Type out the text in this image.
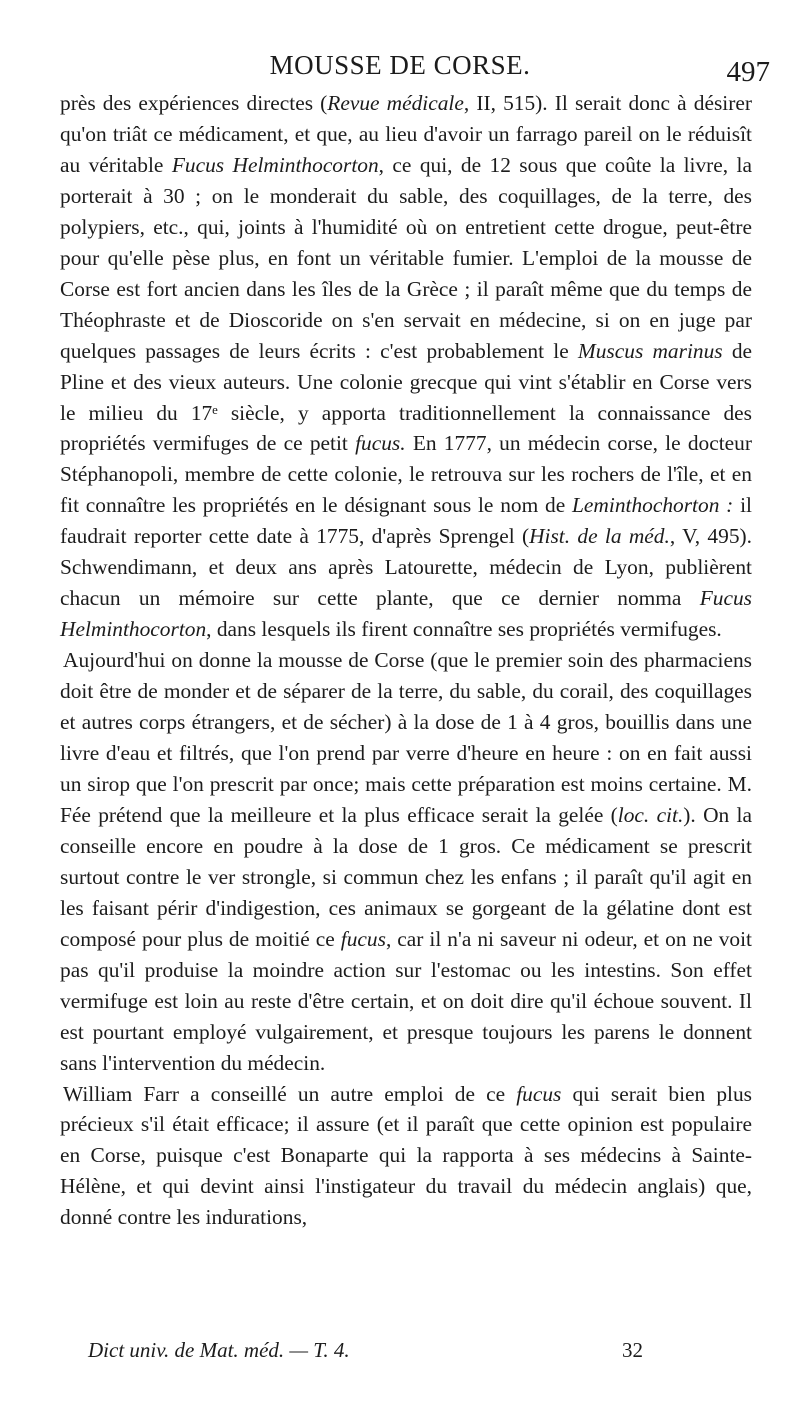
MOUSSE DE CORSE.	497

près des expériences directes (Revue médicale, II, 515). Il serait donc à désirer qu'on triât ce médicament, et que, au lieu d'avoir un farrago pareil on le réduisît au véritable Fucus Helminthocorton, ce qui, de 12 sous que coûte la livre, la porterait à 30 ; on le monderait du sable, des coquillages, de la terre, des polypiers, etc., qui, joints à l'humidité où on entretient cette drogue, peut-être pour qu'elle pèse plus, en font un véritable fumier. L'emploi de la mousse de Corse est fort ancien dans les îles de la Grèce ; il paraît même que du temps de Théophraste et de Dioscoride on s'en servait en médecine, si on en juge par quelques passages de leurs écrits : c'est probablement le Muscus marinus de Pline et des vieux auteurs. Une colonie grecque qui vint s'établir en Corse vers le milieu du 17ᵉ siècle, y apporta traditionnellement la connaissance des propriétés vermifuges de ce petit fucus. En 1777, un médecin corse, le docteur Stéphanopoli, membre de cette colonie, le retrouva sur les rochers de l'île, et en fit connaître les propriétés en le désignant sous le nom de Leminthochorton : il faudrait reporter cette date à 1775, d'après Sprengel (Hist. de la méd., V, 495). Schwendimann, et deux ans après Latourette, médecin de Lyon, publièrent chacun un mémoire sur cette plante, que ce dernier nomma Fucus Helminthocorton, dans lesquels ils firent connaître ses propriétés vermifuges.

Aujourd'hui on donne la mousse de Corse (que le premier soin des pharmaciens doit être de monder et de séparer de la terre, du sable, du corail, des coquillages et autres corps étrangers, et de sécher) à la dose de 1 à 4 gros, bouillis dans une livre d'eau et filtrés, que l'on prend par verre d'heure en heure : on en fait aussi un sirop que l'on prescrit par once; mais cette préparation est moins certaine. M. Fée prétend que la meilleure et la plus efficace serait la gelée (loc. cit.). On la conseille encore en poudre à la dose de 1 gros. Ce médicament se prescrit surtout contre le ver strongle, si commun chez les enfans ; il paraît qu'il agit en les faisant périr d'indigestion, ces animaux se gorgeant de la gélatine dont est composé pour plus de moitié ce fucus, car il n'a ni saveur ni odeur, et on ne voit pas qu'il produise la moindre action sur l'estomac ou les intestins. Son effet vermifuge est loin au reste d'être certain, et on doit dire qu'il échoue souvent. Il est pourtant employé vulgairement, et presque toujours les parens le donnent sans l'intervention du médecin.

William Farr a conseillé un autre emploi de ce fucus qui serait bien plus précieux s'il était efficace; il assure (et il paraît que cette opinion est populaire en Corse, puisque c'est Bonaparte qui la rapporta à ses médecins à Sainte-Hélène, et qui devint ainsi l'instigateur du travail du médecin anglais) que, donné contre les indurations,

Dict univ. de Mat. méd. — T. 4.	32
